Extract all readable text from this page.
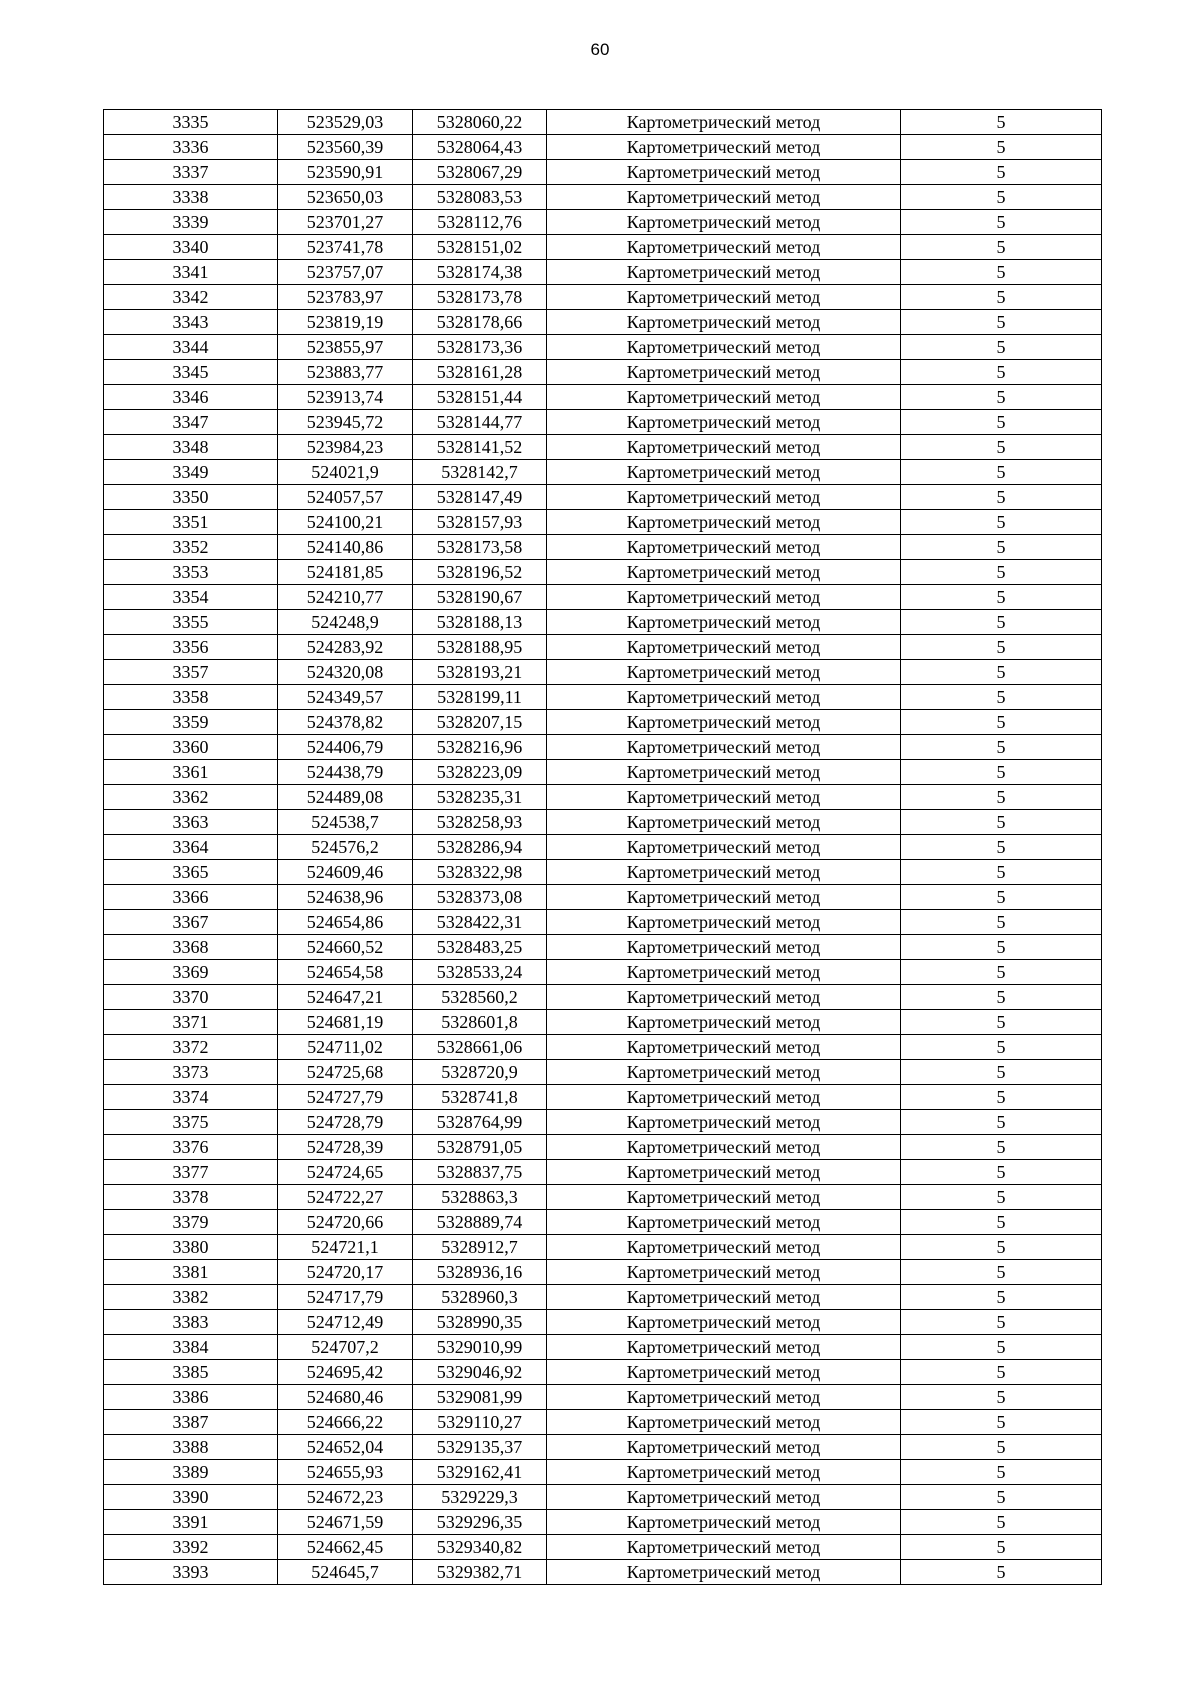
60
3335	523529,03	5328060,22	Картометрический метод	5
3336	523560,39	5328064,43	Картометрический метод	5
3337	523590,91	5328067,29	Картометрический метод	5
3338	523650,03	5328083,53	Картометрический метод	5
3339	523701,27	5328112,76	Картометрический метод	5
3340	523741,78	5328151,02	Картометрический метод	5
3341	523757,07	5328174,38	Картометрический метод	5
3342	523783,97	5328173,78	Картометрический метод	5
3343	523819,19	5328178,66	Картометрический метод	5
3344	523855,97	5328173,36	Картометрический метод	5
3345	523883,77	5328161,28	Картометрический метод	5
3346	523913,74	5328151,44	Картометрический метод	5
3347	523945,72	5328144,77	Картометрический метод	5
3348	523984,23	5328141,52	Картометрический метод	5
3349	524021,9	5328142,7	Картометрический метод	5
3350	524057,57	5328147,49	Картометрический метод	5
3351	524100,21	5328157,93	Картометрический метод	5
3352	524140,86	5328173,58	Картометрический метод	5
3353	524181,85	5328196,52	Картометрический метод	5
3354	524210,77	5328190,67	Картометрический метод	5
3355	524248,9	5328188,13	Картометрический метод	5
3356	524283,92	5328188,95	Картометрический метод	5
3357	524320,08	5328193,21	Картометрический метод	5
3358	524349,57	5328199,11	Картометрический метод	5
3359	524378,82	5328207,15	Картометрический метод	5
3360	524406,79	5328216,96	Картометрический метод	5
3361	524438,79	5328223,09	Картометрический метод	5
3362	524489,08	5328235,31	Картометрический метод	5
3363	524538,7	5328258,93	Картометрический метод	5
3364	524576,2	5328286,94	Картометрический метод	5
3365	524609,46	5328322,98	Картометрический метод	5
3366	524638,96	5328373,08	Картометрический метод	5
3367	524654,86	5328422,31	Картометрический метод	5
3368	524660,52	5328483,25	Картометрический метод	5
3369	524654,58	5328533,24	Картометрический метод	5
3370	524647,21	5328560,2	Картометрический метод	5
3371	524681,19	5328601,8	Картометрический метод	5
3372	524711,02	5328661,06	Картометрический метод	5
3373	524725,68	5328720,9	Картометрический метод	5
3374	524727,79	5328741,8	Картометрический метод	5
3375	524728,79	5328764,99	Картометрический метод	5
3376	524728,39	5328791,05	Картометрический метод	5
3377	524724,65	5328837,75	Картометрический метод	5
3378	524722,27	5328863,3	Картометрический метод	5
3379	524720,66	5328889,74	Картометрический метод	5
3380	524721,1	5328912,7	Картометрический метод	5
3381	524720,17	5328936,16	Картометрический метод	5
3382	524717,79	5328960,3	Картометрический метод	5
3383	524712,49	5328990,35	Картометрический метод	5
3384	524707,2	5329010,99	Картометрический метод	5
3385	524695,42	5329046,92	Картометрический метод	5
3386	524680,46	5329081,99	Картометрический метод	5
3387	524666,22	5329110,27	Картометрический метод	5
3388	524652,04	5329135,37	Картометрический метод	5
3389	524655,93	5329162,41	Картометрический метод	5
3390	524672,23	5329229,3	Картометрический метод	5
3391	524671,59	5329296,35	Картометрический метод	5
3392	524662,45	5329340,82	Картометрический метод	5
3393	524645,7	5329382,71	Картометрический метод	5
